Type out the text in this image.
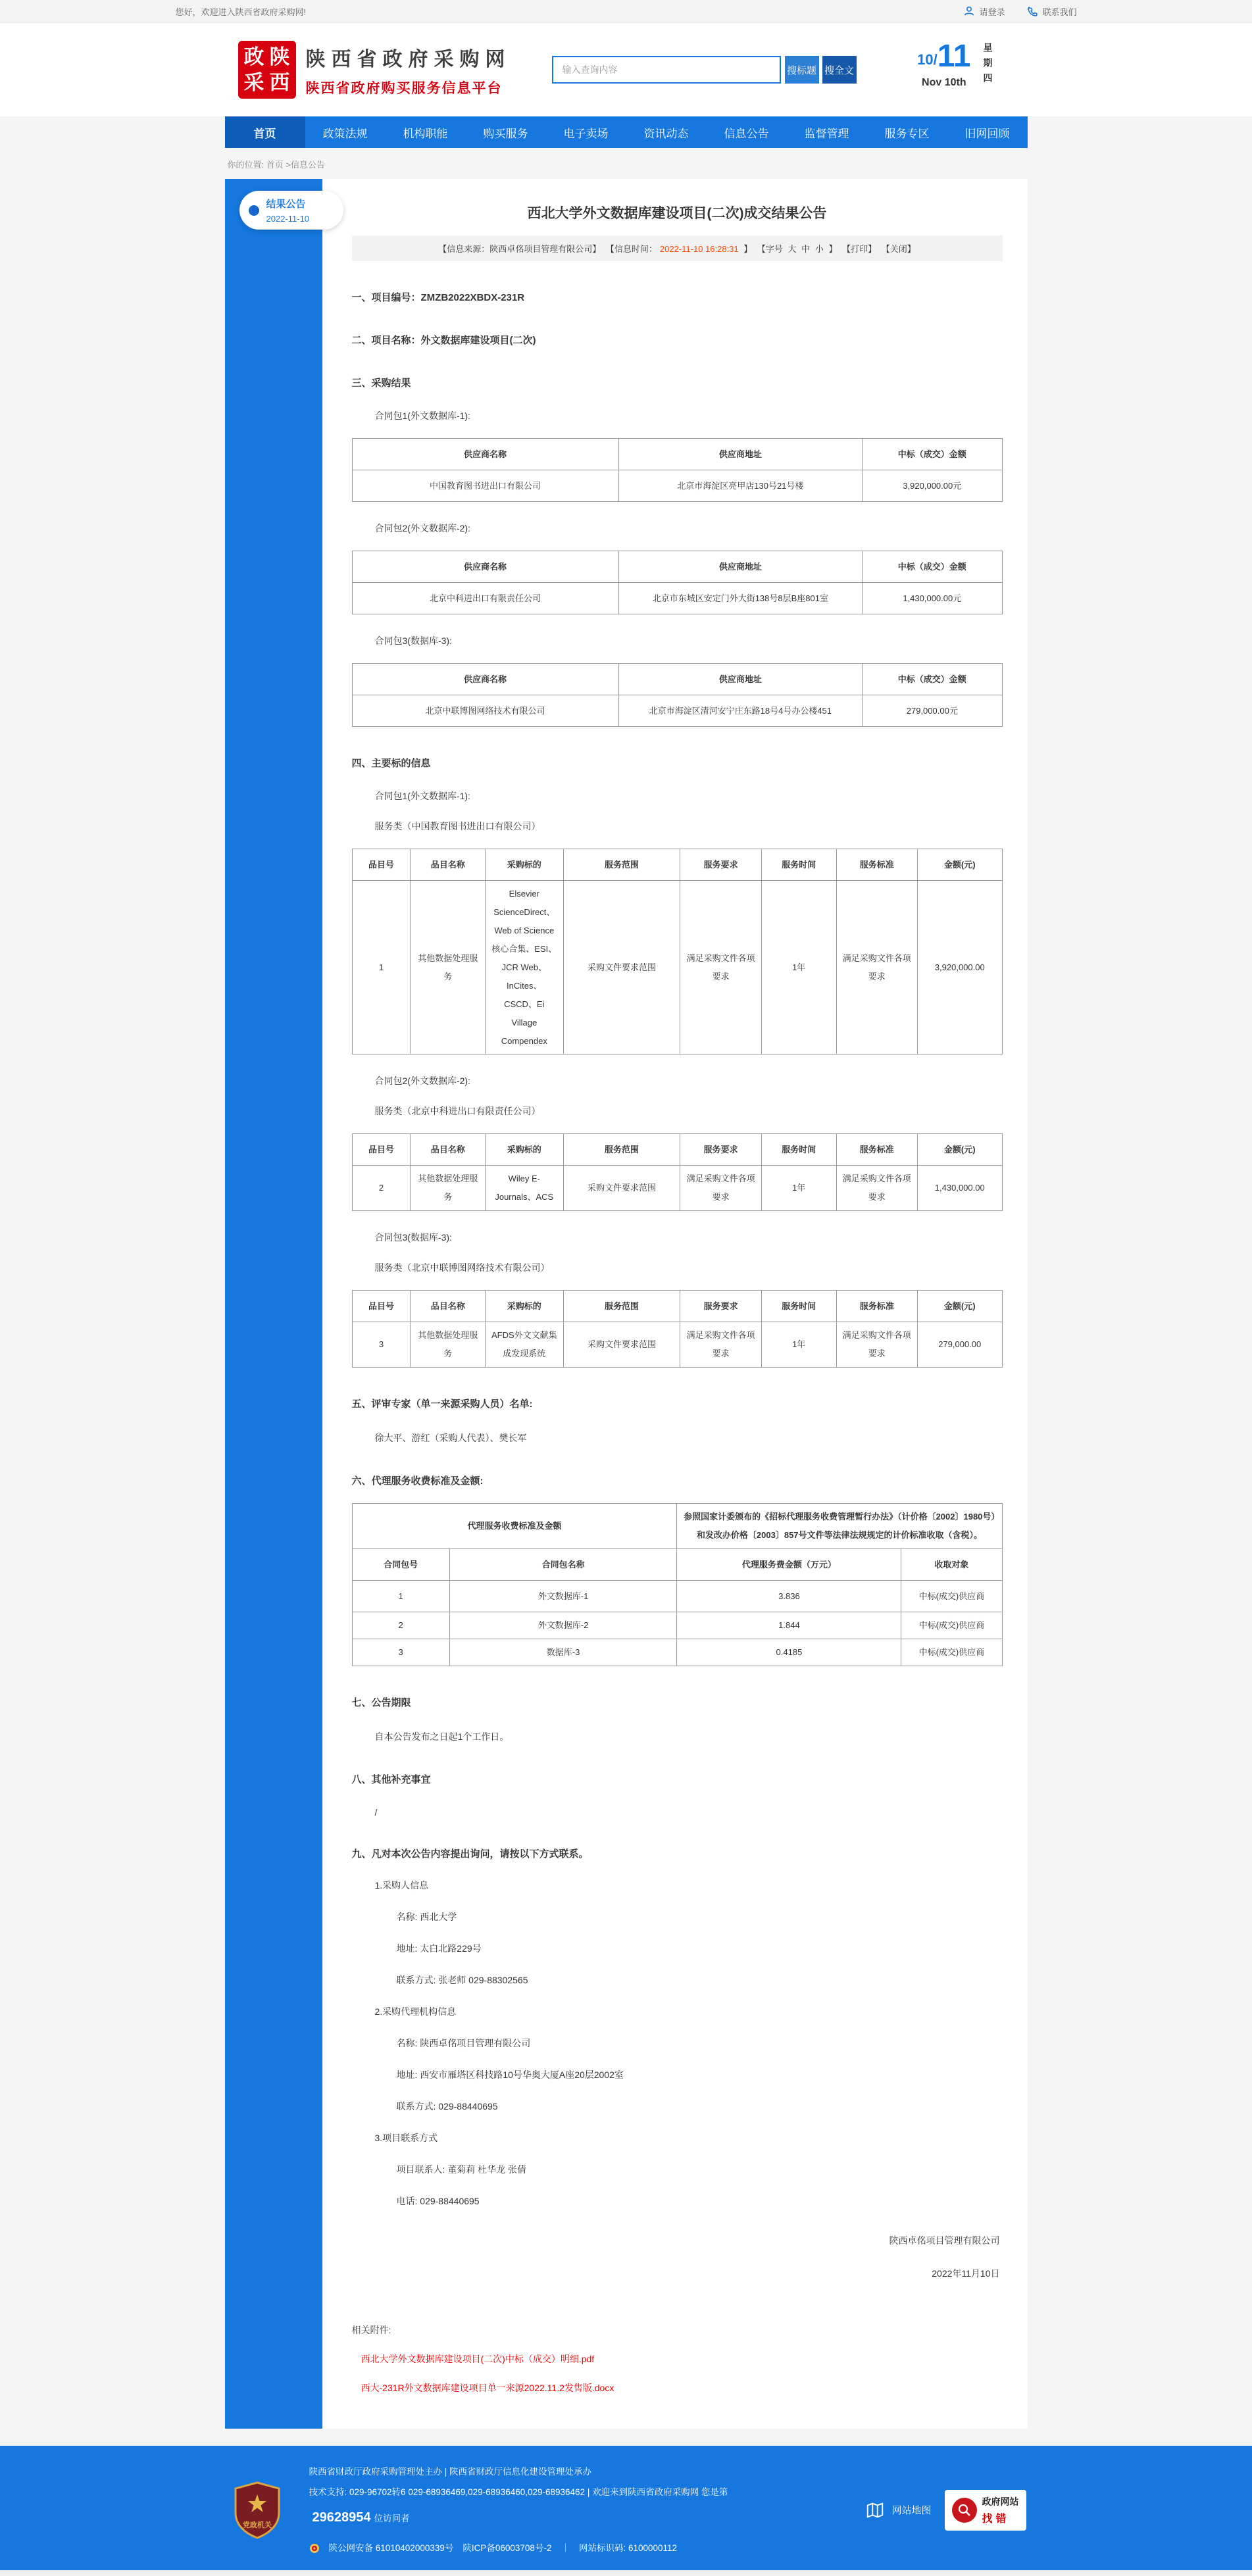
您好，欢迎进入陕西省政府采购网!	请登录	联系我们
政 陕
采 西
陕西省政府采购网
陕西省政府购买服务信息平台
输入查询内容
搜标题 搜全文
10/ 11
Nov 10th	星期四
首页	政策法规	机构职能	购买服务	电子卖场	资讯动态	信息公告	监督管理	服务专区	旧网回顾
你的位置: 首页 >信息公告
结果公告
2022-11-10	西北大学外文数据库建设项目(二次)成交结果公告
【信息来源：陕西卓佲项目管理有限公司】 【信息时间： 2022-11-10 16:28:31 】 【字号 大 中 小 】 【打印】 【关闭】
一、项目编号：ZMZB2022XBDX-231R
二、项目名称：外文数据库建设项目(二次)
三、采购结果

合同包1(外文数据库-1):

供应商名称	供应商地址	中标（成交）金额
中国教育图书进出口有限公司	北京市海淀区亮甲店130号21号楼	3,920,000.00元

合同包2(外文数据库-2):

供应商名称	供应商地址	中标（成交）金额
北京中科进出口有限责任公司	北京市东城区安定门外大街138号8层B座801室	1,430,000.00元

合同包3(数据库-3):

供应商名称	供应商地址	中标（成交）金额
北京中联博图网络技术有限公司	北京市海淀区清河安宁庄东路18号4号办公楼451	279,000.00元
四、主要标的信息

合同包1(外文数据库-1):

服务类（中国教育图书进出口有限公司）

品目号	品目名称	采购标的	服务范围	服务要求	服务时间	服务标准	金额(元)
1	其他数据处理服务	Elsevier ScienceDirect、Web of Science核心合集、ESI、JCR Web、InCites、CSCD、Ei Village Compendex	采购文件要求范围	满足采购文件各项要求	1年	满足采购文件各项要求	3,920,000.00

合同包2(外文数据库-2):

服务类（北京中科进出口有限责任公司）

品目号	品目名称	采购标的	服务范围	服务要求	服务时间	服务标准	金额(元)
2	其他数据处理服务	Wiley E-Journals、ACS	采购文件要求范围	满足采购文件各项要求	1年	满足采购文件各项要求	1,430,000.00

合同包3(数据库-3):

服务类（北京中联博图网络技术有限公司）

品目号	品目名称	采购标的	服务范围	服务要求	服务时间	服务标准	金额(元)
3	其他数据处理服务	AFDS外文文献集成发现系统	采购文件要求范围	满足采购文件各项要求	1年	满足采购文件各项要求	279,000.00
五、评审专家（单一来源采购人员）名单:

徐大平、游红（采购人代表）、樊长军

六、代理服务收费标准及金额:
代理服务收费标准及金额		参照国家计委颁布的《招标代理服务收费管理暂行办法》（计价格〔2002〕1980号）和发改办价格〔2003〕857号文件等法律法规规定的计价标准收取（含税）。	
合同包号	合同包名称	代理服务费金额（万元）	收取对象
1	外文数据库-1	3.836	中标(成交)供应商
2	外文数据库-2	1.844	中标(成交)供应商
3	数据库-3	0.4185	中标(成交)供应商
七、公告期限

自本公告发布之日起1个工作日。

八、其他补充事宜

/

九、凡对本次公告内容提出询问，请按以下方式联系。

1.采购人信息

名称: 西北大学

地址: 太白北路229号

联系方式: 张老师 029-88302565

2.采购代理机构信息

名称: 陕西卓佲项目管理有限公司

地址: 西安市雁塔区科技路10号华奥大厦A座20层2002室

联系方式: 029-88440695

3.项目联系方式

项目联系人: 董菊莉 杜华龙 张倩

电话: 029-88440695

陕西卓佲项目管理有限公司
2022年11月10日
相关附件:
西北大学外文数据库建设项目(二次)中标（成交）明细.pdf
西大-231R外文数据库建设项目单一来源2022.11.2发售版.docx
党政机关
陕西省财政厅政府采购管理处主办 | 陕西省财政厅信息化建设管理处承办
技术支持: 029-96702转6 029-68936469,029-68936460,029-68936462 | 欢迎来到陕西省政府采购网 您是第29628954 位访问者
陕公网安备 61010402000339号 陕ICP备06003708号-2 ｜ 网站标识码: 6100000112
网站地图
政府网站
找错
